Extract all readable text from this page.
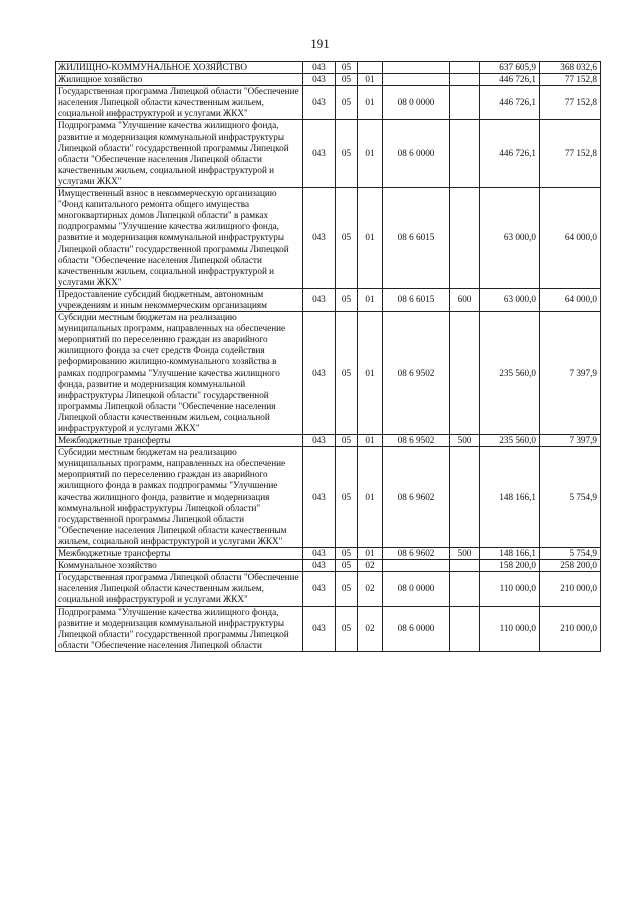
191
ЖИЛИЩНО-КОММУНАЛЬНОЕ ХОЗЯЙСТВО	043	05				637 605,9	368 032,6
Жилищное хозяйство	043	05	01			446 726,1	77 152,8
Государственная программа Липецкой области "Обеспечение населения Липецкой области качественным жильем, социальной инфраструктурой и услугами ЖКХ"	043	05	01	08 0 0000		446 726,1	77 152,8
Подпрограмма "Улучшение качества жилищного фонда, развитие и модернизация коммунальной инфраструктуры Липецкой области" государственной программы Липецкой области "Обеспечение населения Липецкой области качественным жильем, социальной инфраструктурой и услугами ЖКХ"	043	05	01	08 6 0000		446 726,1	77 152,8
Имущественный взнос в некоммерческую организацию "Фонд капитального ремонта общего имущества многоквартирных домов Липецкой области" в рамках подпрограммы "Улучшение качества жилищного фонда, развитие и модернизация коммунальной инфраструктуры Липецкой области" государственной программы Липецкой области "Обеспечение населения Липецкой области качественным жильем, социальной инфраструктурой и услугами ЖКХ"	043	05	01	08 6 6015		63 000,0	64 000,0
Предоставление субсидий бюджетным, автономным учреждениям и иным некоммерческим организациям	043	05	01	08 6 6015	600	63 000,0	64 000,0
Субсидии местным бюджетам на реализацию муниципальных программ, направленных на обеспечение мероприятий по переселению граждан из аварийного жилищного фонда за счет средств Фонда содействия реформированию жилищно-коммунального хозяйства в рамках подпрограммы "Улучшение качества жилищного фонда, развитие и модернизация коммунальной инфраструктуры Липецкой области" государственной программы Липецкой области "Обеспечение населения Липецкой области качественным жильем, социальной инфраструктурой и услугами ЖКХ"	043	05	01	08 6 9502		235 560,0	7 397,9
Межбюджетные трансферты	043	05	01	08 6 9502	500	235 560,0	7 397,9
Субсидии местным бюджетам на реализацию муниципальных программ, направленных на обеспечение мероприятий по переселению граждан из аварийного жилищного фонда в рамках подпрограммы "Улучшение качества жилищного фонда, развитие и модернизация коммунальной инфраструктуры Липецкой области" государственной программы Липецкой области "Обеспечение населения Липецкой области качественным жильем, социальной инфраструктурой и услугами ЖКХ"	043	05	01	08 6 9602		148 166,1	5 754,9
Межбюджетные трансферты	043	05	01	08 6 9602	500	148 166,1	5 754,9
Коммунальное хозяйство	043	05	02			158 200,0	258 200,0
Государственная программа Липецкой области "Обеспечение населения Липецкой области качественным жильем, социальной инфраструктурой и услугами ЖКХ"	043	05	02	08 0 0000		110 000,0	210 000,0
Подпрограмма "Улучшение качества жилищного фонда, развитие и модернизация коммунальной инфраструктуры Липецкой области" государственной программы Липецкой области "Обеспечение населения Липецкой области	043	05	02	08 6 0000		110 000,0	210 000,0
